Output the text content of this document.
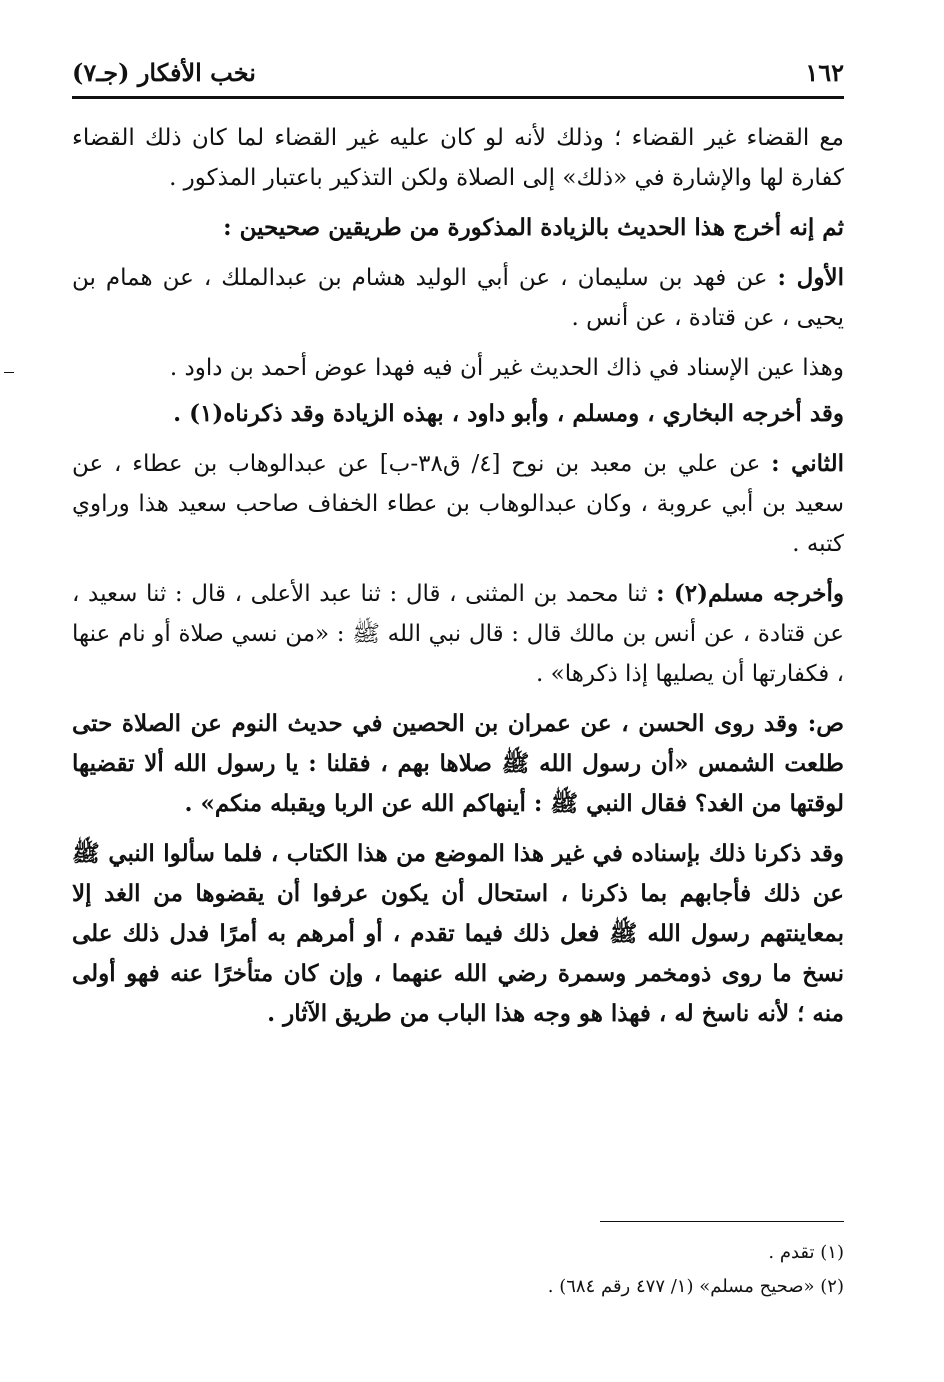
١٦٢
نخب الأفكار (جـ٧)

مع القضاء غير القضاء ؛ وذلك لأنه لو كان عليه غير القضاء لما كان ذلك القضاء كفارة لها والإشارة في «ذلك» إلى الصلاة ولكن التذكير باعتبار المذكور .

ثم إنه أخرج هذا الحديث بالزيادة المذكورة من طريقين صحيحين :

الأول : عن فهد بن سليمان ، عن أبي الوليد هشام بن عبدالملك ، عن همام بن يحيى ، عن قتادة ، عن أنس .

وهذا عين الإسناد في ذاك الحديث غير أن فيه فهدا عوض أحمد بن داود .

وقد أخرجه البخاري ، ومسلم ، وأبو داود ، بهذه الزيادة وقد ذكرناه(١) .

الثاني : عن علي بن معبد بن نوح [٤/ ق٣٨-ب] عن عبدالوهاب بن عطاء ، عن سعيد بن أبي عروبة ، وكان عبدالوهاب بن عطاء الخفاف صاحب سعيد هذا وراوي كتبه .

وأخرجه مسلم(٢) : ثنا محمد بن المثنى ، قال : ثنا عبد الأعلى ، قال : ثنا سعيد ، عن قتادة ، عن أنس بن مالك قال : قال نبي الله ﷺ : «من نسي صلاة أو نام عنها ، فكفارتها أن يصليها إذا ذكرها» .

ص: وقد روى الحسن ، عن عمران بن الحصين في حديث النوم عن الصلاة حتى طلعت الشمس «أن رسول الله ﷺ صلاها بهم ، فقلنا : يا رسول الله ألا تقضيها لوقتها من الغد؟ فقال النبي ﷺ : أينهاكم الله عن الربا ويقبله منكم» .

وقد ذكرنا ذلك بإسناده في غير هذا الموضع من هذا الكتاب ، فلما سألوا النبي ﷺ عن ذلك فأجابهم بما ذكرنا ، استحال أن يكون عرفوا أن يقضوها من الغد إلا بمعاينتهم رسول الله ﷺ فعل ذلك فيما تقدم ، أو أمرهم به أمرًا فدل ذلك على نسخ ما روى ذومخمر وسمرة رضي الله عنهما ، وإن كان متأخرًا عنه فهو أولى منه ؛ لأنه ناسخ له ، فهذا هو وجه هذا الباب من طريق الآثار .

(١) تقدم .

(٢) «صحيح مسلم» (١/ ٤٧٧ رقم ٦٨٤) .
